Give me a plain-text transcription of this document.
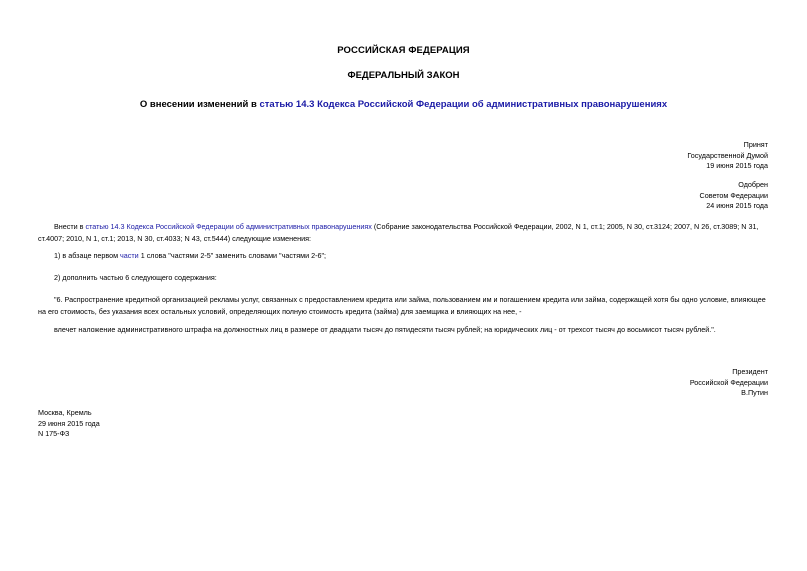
РОССИЙСКАЯ ФЕДЕРАЦИЯ

ФЕДЕРАЛЬНЫЙ ЗАКОН

О внесении изменений в статью 14.3 Кодекса Российской Федерации об административных правонарушениях

Принят
Государственной Думой
19 июня 2015 года
Одобрен
Советом Федерации
24 июня 2015 года

Внести в статью 14.3 Кодекса Российской Федерации об административных правонарушениях (Собрание законодательства Российской Федерации, 2002, N 1, ст.1; 2005, N 30, ст.3124; 2007, N 26, ст.3089; N 31, ст.4007; 2010, N 1, ст.1; 2013, N 30, ст.4033; N 43, ст.5444) следующие изменения:

1) в абзаце первом части 1 слова "частями 2-5" заменить словами "частями 2-6";

2) дополнить частью 6 следующего содержания:

"6. Распространение кредитной организацией рекламы услуг, связанных с предоставлением кредита или займа, пользованием им и погашением кредита или займа, содержащей хотя бы одно условие, влияющее на его стоимость, без указания всех остальных условий, определяющих полную стоимость кредита (займа) для заемщика и влияющих на нее, -

влечет наложение административного штрафа на должностных лиц в размере от двадцати тысяч до пятидесяти тысяч рублей; на юридических лиц - от трехсот тысяч до восьмисот тысяч рублей.".

Президент
Российской Федерации
В.Путин
Москва, Кремль
29 июня 2015 года
N 175-ФЗ
